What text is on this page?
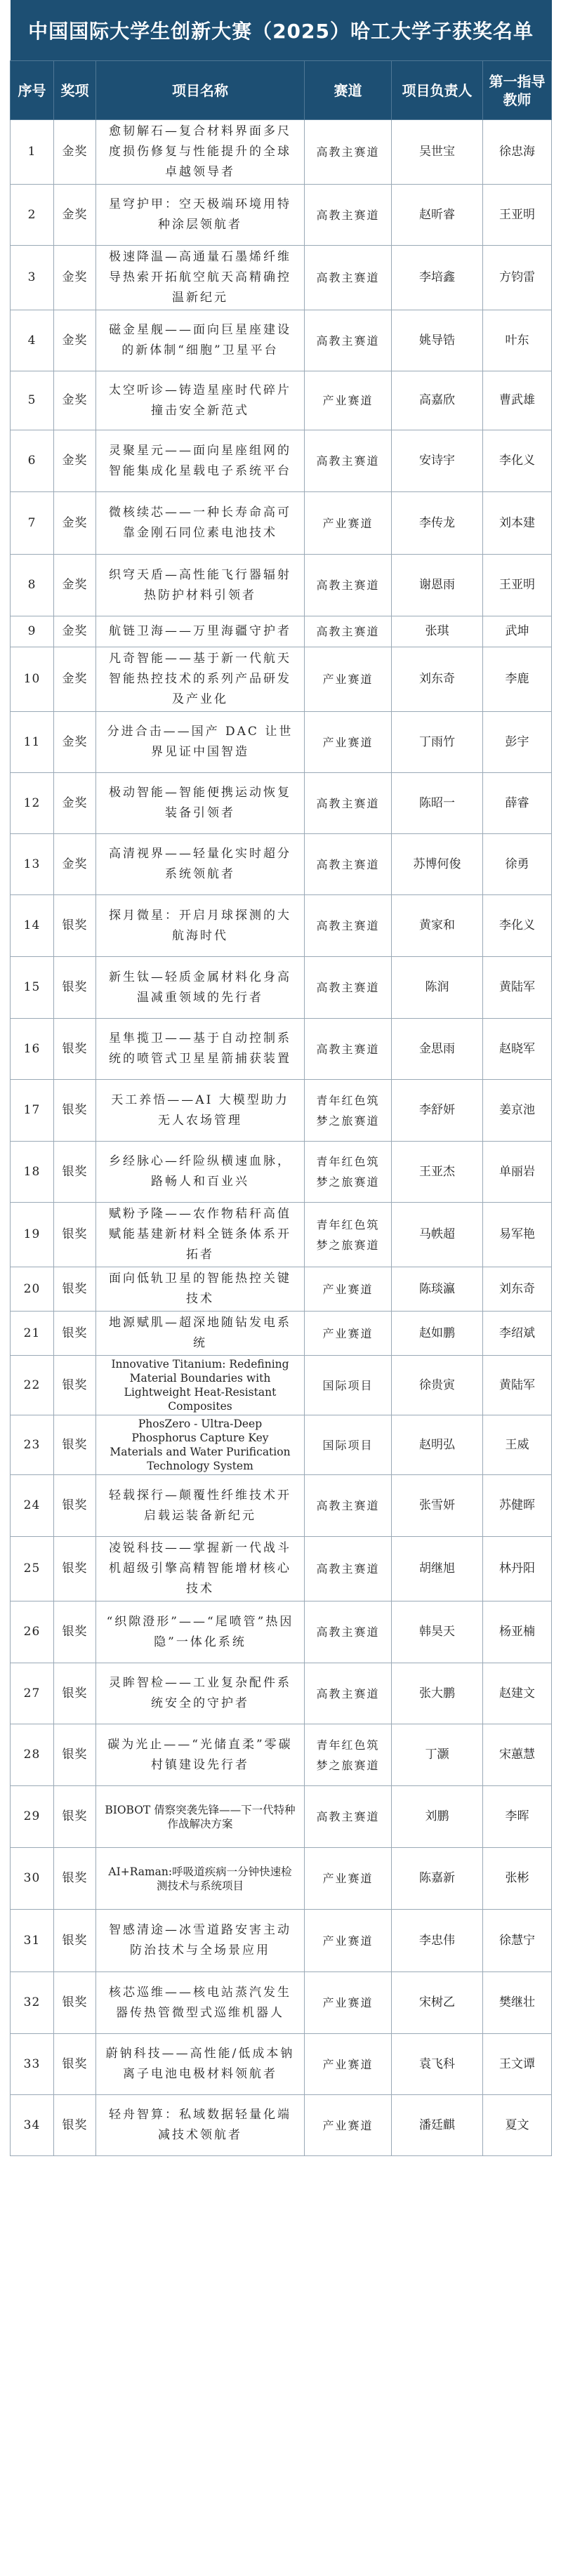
中国国际大学生创新大赛（2025）哈工大学子获奖名单					
序号	奖项	项目名称	赛道	项目负责人	第一指导教师
1	金奖	愈韧解石—复合材料界面多尺度损伤修复与性能提升的全球卓越领导者	高教主赛道	吴世宝	徐忠海
2	金奖	星穹护甲：空天极端环境用特种涂层领航者	高教主赛道	赵昕睿	王亚明
3	金奖	极速降温—高通量石墨烯纤维导热索开拓航空航天高精确控温新纪元	高教主赛道	李培鑫	方钧雷
4	金奖	磁金星舰——面向巨星座建设的新体制“细胞”卫星平台	高教主赛道	姚导锆	叶东
5	金奖	太空听诊—铸造星座时代碎片撞击安全新范式	产业赛道	高嘉欣	曹武雄
6	金奖	灵聚星元——面向星座组网的智能集成化星载电子系统平台	高教主赛道	安诗宇	李化义
7	金奖	微核续芯——一种长寿命高可靠金刚石同位素电池技术	产业赛道	李传龙	刘本建
8	金奖	织穹天盾—高性能飞行器辐射热防护材料引领者	高教主赛道	谢恩雨	王亚明
9	金奖	航链卫海——万里海疆守护者	高教主赛道	张琪	武坤
10	金奖	凡奇智能——基于新一代航天智能热控技术的系列产品研发及产业化	产业赛道	刘东奇	李鹿
11	金奖	分进合击——国产 DAC 让世界见证中国智造	产业赛道	丁雨竹	彭宇
12	金奖	极动智能—智能便携运动恢复装备引领者	高教主赛道	陈昭一	薛睿
13	金奖	高清视界——轻量化实时超分系统领航者	高教主赛道	苏博何俊	徐勇
14	银奖	探月微星：开启月球探测的大航海时代	高教主赛道	黄家和	李化义
15	银奖	新生钛—轻质金属材料化身高温减重领域的先行者	高教主赛道	陈润	黄陆军
16	银奖	星隼揽卫——基于自动控制系统的喷管式卫星星箭捕获装置	高教主赛道	金思雨	赵晓军
17	银奖	天工养悟——AI 大模型助力无人农场管理	青年红色筑梦之旅赛道	李舒妍	姜京池
18	银奖	乡经脉心—纤险纵横速血脉，路畅人和百业兴	青年红色筑梦之旅赛道	王亚杰	单丽岩
19	银奖	赋粉予隆——农作物秸秆高值赋能基建新材料全链条体系开拓者	青年红色筑梦之旅赛道	马帙超	易军艳
20	银奖	面向低轨卫星的智能热控关键技术	产业赛道	陈琰瀛	刘东奇
21	银奖	地源赋肌—超深地随钻发电系统	产业赛道	赵如鹏	李绍斌
22	银奖	Innovative Titanium: Redefining Material Boundaries with Lightweight Heat-Resistant Composites	国际项目	徐贵寅	黄陆军
23	银奖	PhosZero - Ultra-Deep Phosphorus Capture Key Materials and Water Purification Technology System	国际项目	赵明弘	王威
24	银奖	轻载探行—颠覆性纤维技术开启载运装备新纪元	高教主赛道	张雪妍	苏健晖
25	银奖	凌锐科技——掌握新一代战斗机超级引擎高精智能增材核心技术	高教主赛道	胡继旭	林丹阳
26	银奖	“织隙澄形”——“尾喷管”热因隐”一体化系统	高教主赛道	韩昊天	杨亚楠
27	银奖	灵眸智检——工业复杂配件系统安全的守护者	高教主赛道	张大鹏	赵建文
28	银奖	碳为光止——“光储直柔”零碳村镇建设先行者	青年红色筑梦之旅赛道	丁灏	宋蕙慧
29	银奖	BIOBOT 倩察突袭先锋——下一代特种作战解决方案	高教主赛道	刘鹏	李晖
30	银奖	AI+Raman:呼吸道疾病一分钟快速检测技术与系统项目	产业赛道	陈嘉新	张彬
31	银奖	智感清途—冰雪道路安害主动防治技术与全场景应用	产业赛道	李忠伟	徐慧宁
32	银奖	核芯巡维——核电站蒸汽发生器传热管微型式巡维机器人	产业赛道	宋树乙	樊继壮
33	银奖	蔚钠科技——高性能/低成本钠离子电池电极材料领航者	产业赛道	袁飞科	王文谭
34	银奖	轻舟智算：私域数据轻量化端减技术领航者	产业赛道	潘廷麒	夏文
